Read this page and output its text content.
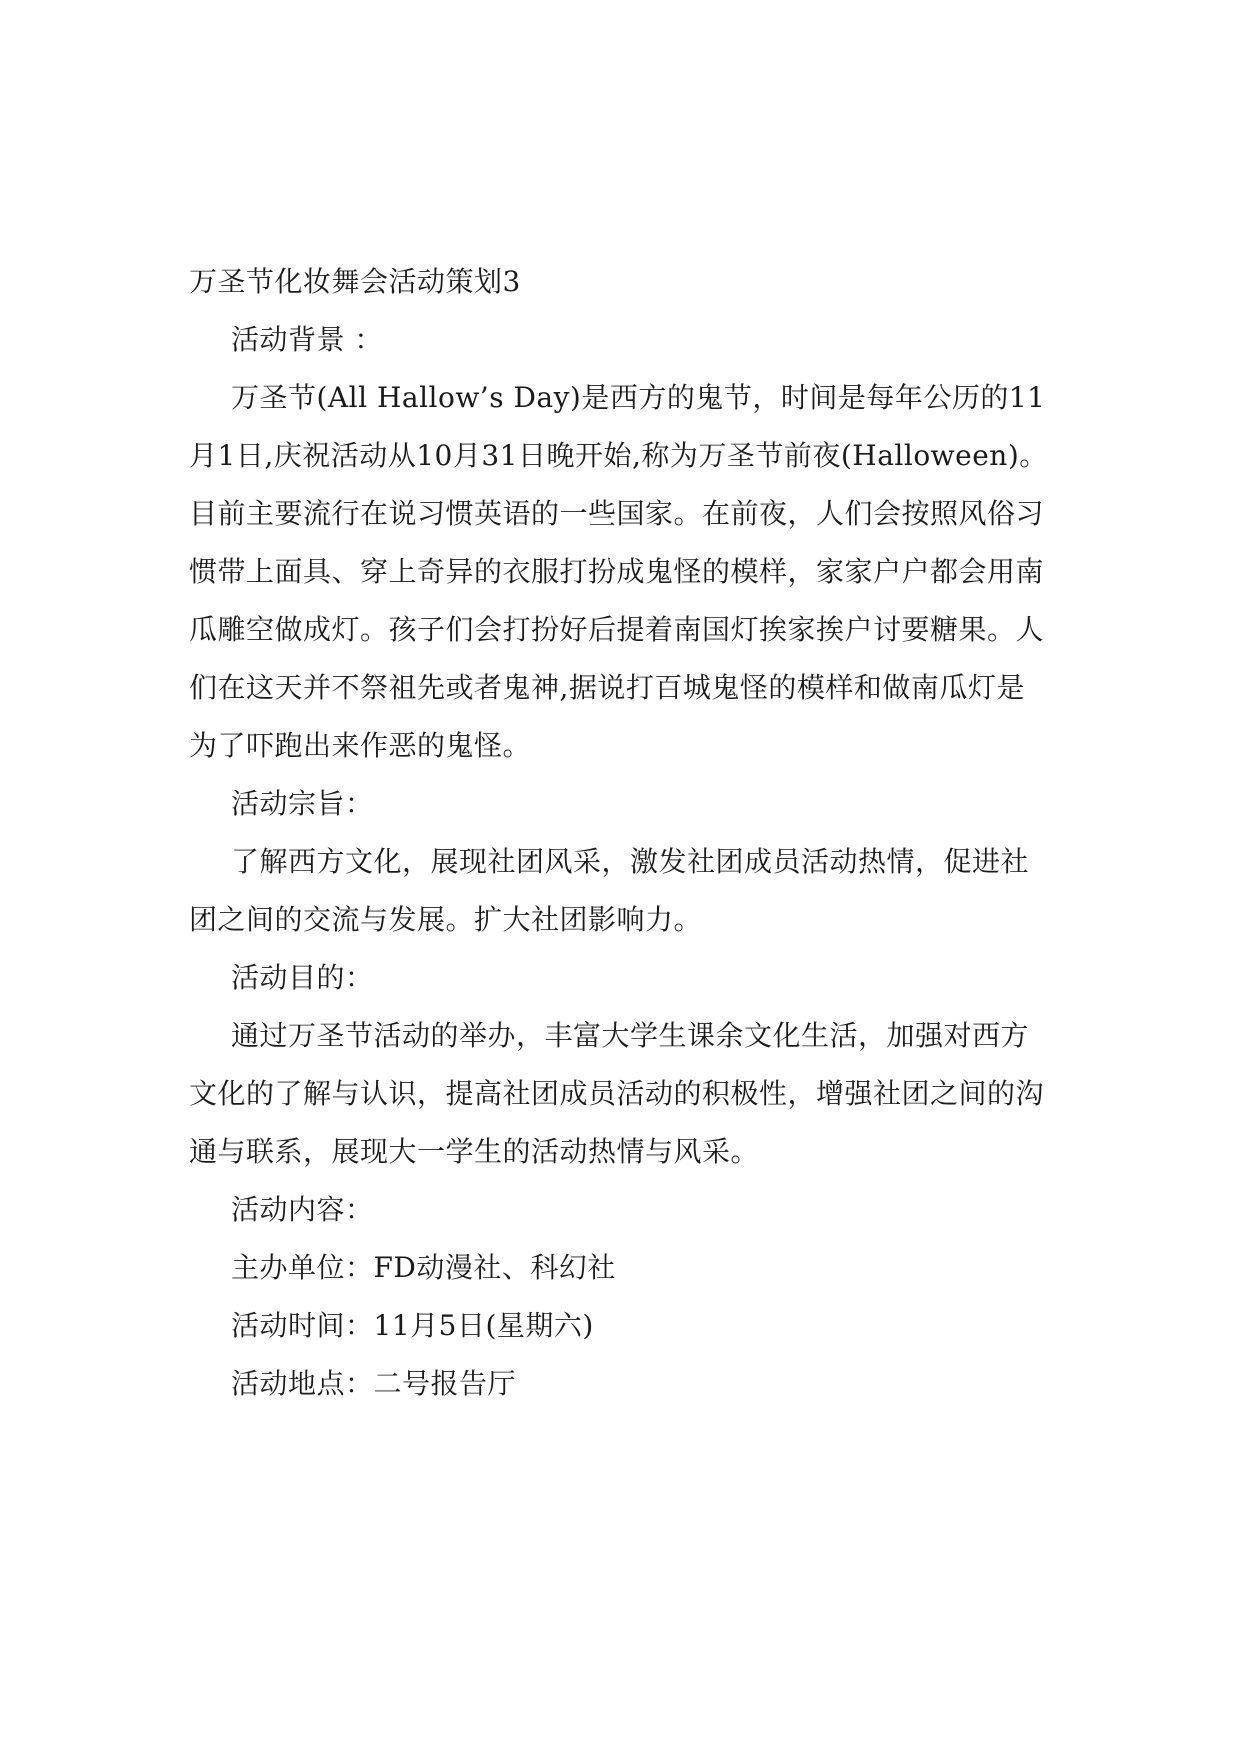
万圣节化妆舞会活动策划3
活动背景 ：
万圣节(All Hallow’s Day)是西方的鬼节，时间是每年公历的11
月1日,庆祝活动从10月31日晚开始,称为万圣节前夜(Halloween)。
目前主要流行在说习惯英语的一些国家。在前夜，人们会按照风俗习
惯带上面具、穿上奇异的衣服打扮成鬼怪的模样，家家户户都会用南
瓜雕空做成灯。孩子们会打扮好后提着南国灯挨家挨户讨要糖果。人
们在这天并不祭祖先或者鬼神,据说打百城鬼怪的模样和做南瓜灯是
为了吓跑出来作恶的鬼怪。
活动宗旨：
了解西方文化，展现社团风采，激发社团成员活动热情，促进社
团之间的交流与发展。扩大社团影响力。
活动目的：
通过万圣节活动的举办，丰富大学生课余文化生活，加强对西方
文化的了解与认识，提高社团成员活动的积极性，增强社团之间的沟
通与联系，展现大一学生的活动热情与风采。
活动内容：
主办单位：FD动漫社、科幻社
活动时间：11月5日(星期六)
活动地点：二号报告厅
